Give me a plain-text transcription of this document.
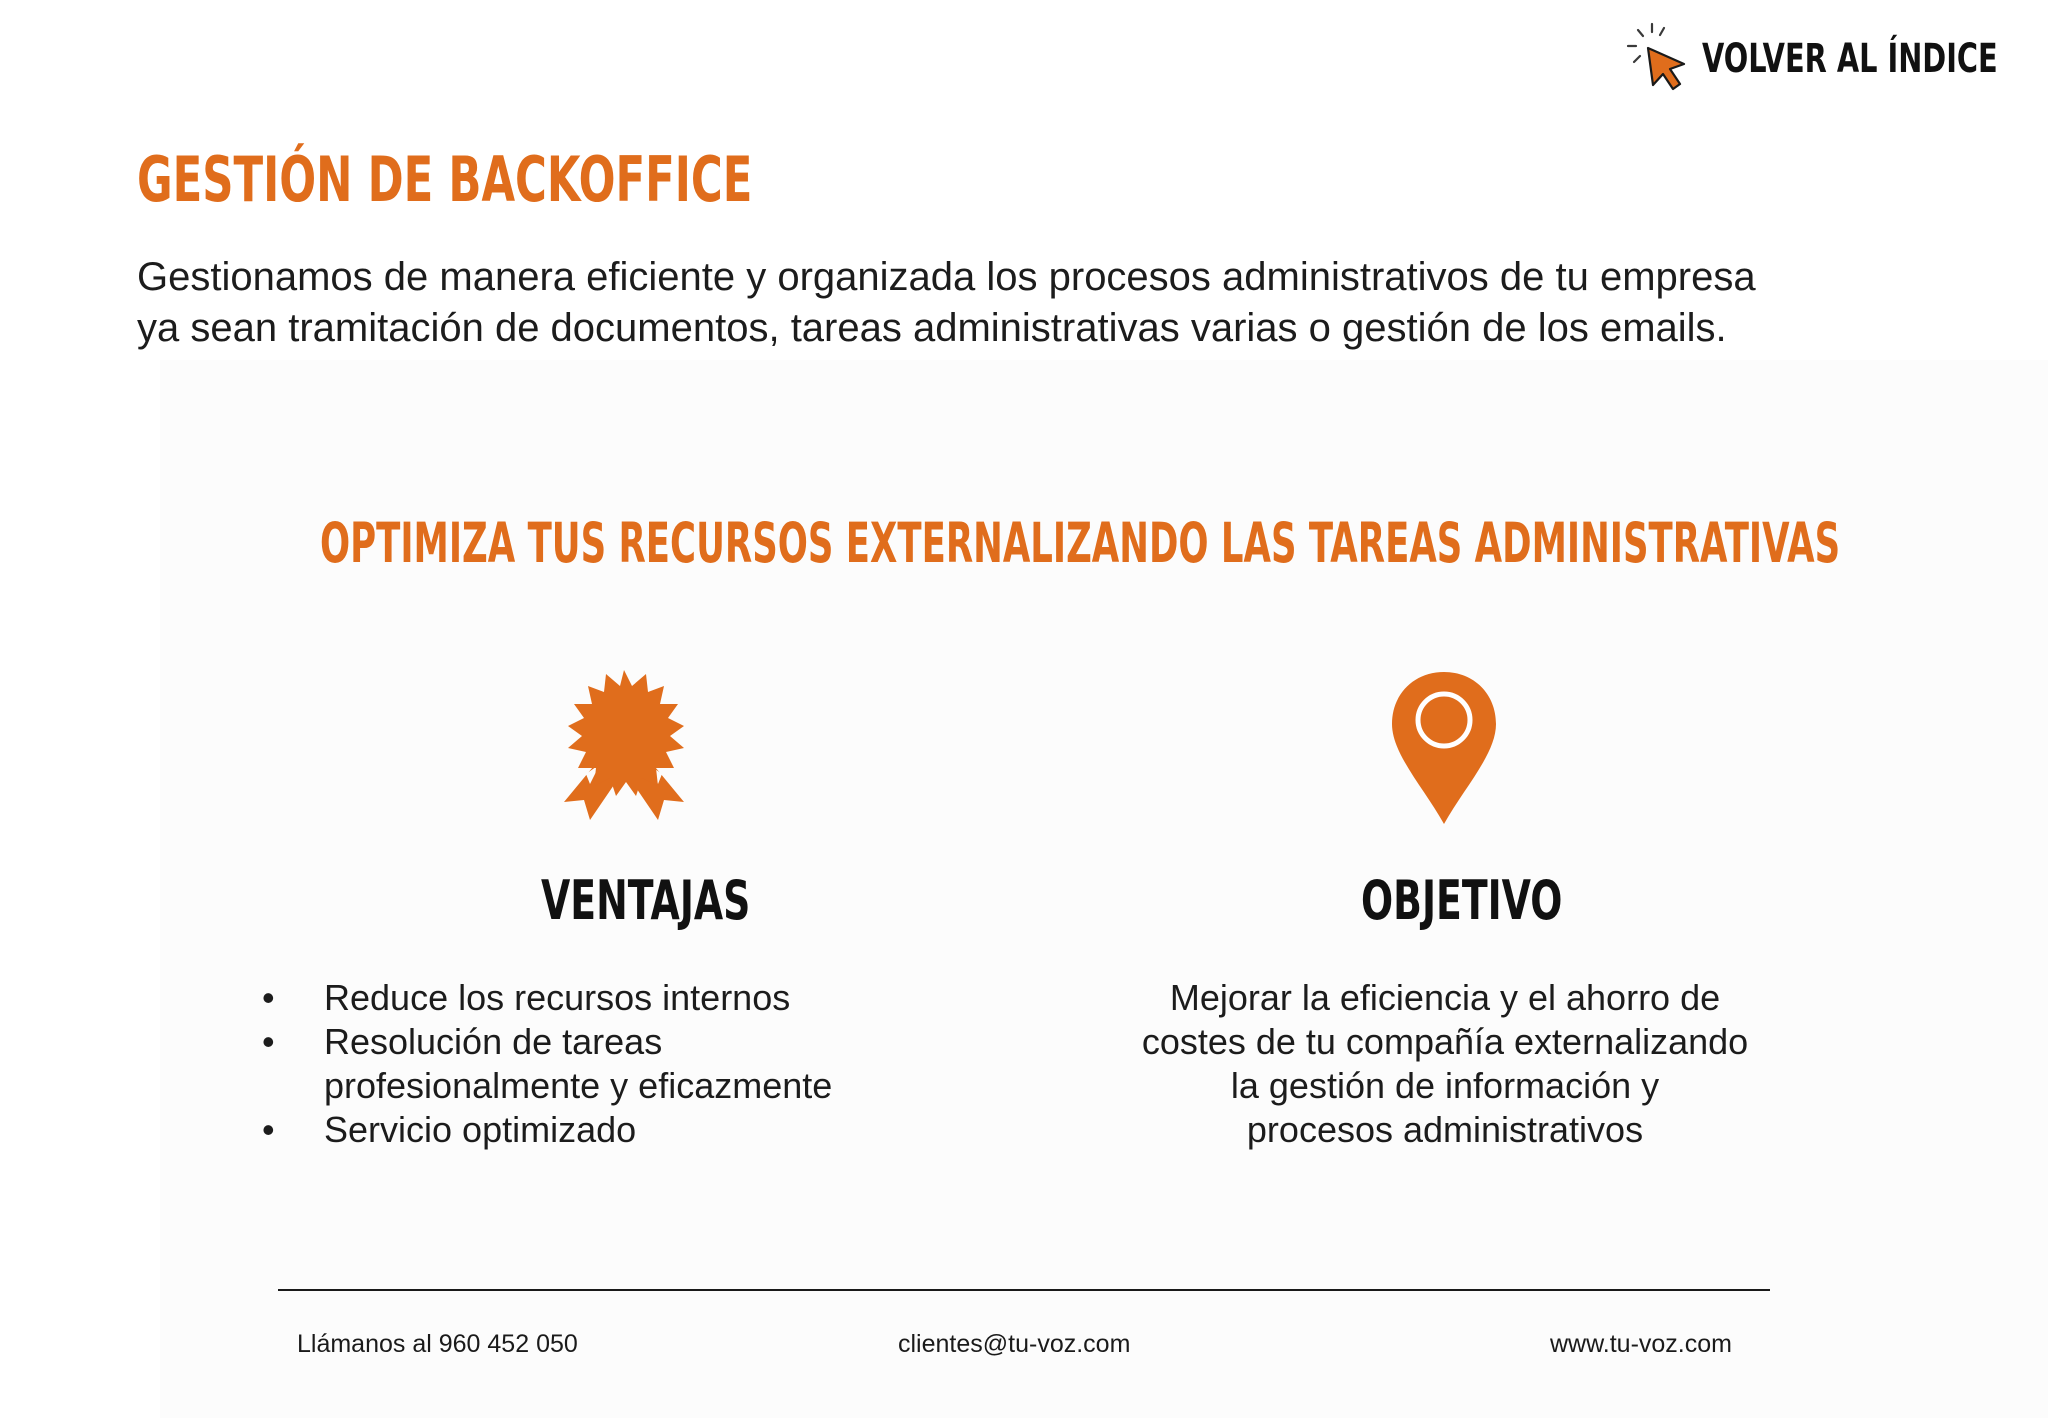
VOLVER AL ÍNDICE
GESTIÓN DE BACKOFFICE

Gestionamos de manera eficiente y organizada los procesos administrativos de tu empresa
ya sean tramitación de documentos, tareas administrativas varias o gestión de los emails.

OPTIMIZA TUS RECURSOS EXTERNALIZANDO LAS TAREAS ADMINISTRATIVAS
VENTAJAS	OBJETIVO
• Reduce los recursos internos
• Resolución de tareas
profesionalmente y eficazmente
• Servicio optimizado
Mejorar la eficiencia y el ahorro de
costes de tu compañía externalizando
la gestión de información y
procesos administrativos
Llámanos al 960 452 050	clientes@tu-voz.com	www.tu-voz.com
